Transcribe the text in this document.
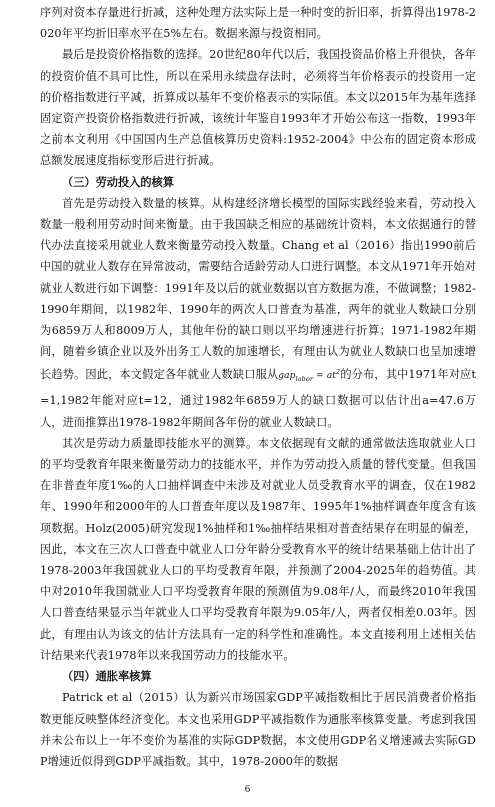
序列对资本存量进行折减，这种处理方法实际上是一种时变的折旧率，折算得出1978-2020年平均折旧率水平在5%左右。数据来源与投资相同。

最后是投资价格指数的选择。20世纪80年代以后，我国投资品价格上升很快，各年的投资价值不具可比性，所以在采用永续盘存法时，必须将当年价格表示的投资用一定的价格指数进行平减，折算成以基年不变价格表示的实际值。本文以2015年为基年选择固定资产投资价格指数进行折减，该统计年鉴自1993年才开始公布这一指数，1993年之前本文利用《中国国内生产总值核算历史资料:1952-2004》中公布的固定资本形成总额发展速度指标变形后进行折减。

（三）劳动投入的核算

首先是劳动投入数量的核算。从构建经济增长模型的国际实践经验来看，劳动投入数量一般利用劳动时间来衡量。由于我国缺乏相应的基础统计资料，本文依据通行的替代办法直接采用就业人数来衡量劳动投入数量。Chang et al（2016）指出1990前后中国的就业人数存在异常波动，需要结合适龄劳动人口进行调整。本文从1971年开始对就业人数进行如下调整：1991年及以后的就业数据以官方数据为准，不做调整；1982-1990年期间，以1982年、1990年的两次人口普查为基准，两年的就业人数缺口分别为6859万人和8009万人，其他年份的缺口则以平均增速进行折算；1971-1982年期间，随着乡镇企业以及外出务工人数的加速增长，有理由认为就业人数缺口也呈加速增长趋势。因此，本文假定各年就业人数缺口服从$gap_{labor} = at^2$的分布，其中1971年对应t=1,1982年能对应t=12，通过1982年6859万人的缺口数据可以估计出a=47.6万人，进而推算出1978-1982年期间各年份的就业人数缺口。

其次是劳动力质量即技能水平的测算。本文依据现有文献的通常做法选取就业人口的平均受教育年限来衡量劳动力的技能水平，并作为劳动投入质量的替代变量。但我国在非普查年度1‰的人口抽样调查中未涉及对就业人员受教育水平的调查，仅在1982年、1990年和2000年的人口普查年度以及1987年、1995年1%抽样调查年度含有该项数据。Holz(2005)研究发现1%抽样和1‰抽样结果相对普查结果存在明显的偏差，因此，本文在三次人口普查中就业人口分年龄分受教育水平的统计结果基础上估计出了1978-2003年我国就业人口的平均受教育年限，并预测了2004-2025年的趋势值。其中对2010年我国就业人口平均受教育年限的预测值为9.08年/人，而最终2010年我国人口普查结果显示当年就业人口平均受教育年限为9.05年/人，两者仅相差0.03年。因此，有理由认为该文的估计方法具有一定的科学性和准确性。本文直接利用上述相关估计结果来代表1978年以来我国劳动力的技能水平。

（四）通胀率核算

Patrick et al（2015）认为新兴市场国家GDP平减指数相比于居民消费者价格指数更能反映整体经济变化。本文也采用GDP平减指数作为通胀率核算变量。考虑到我国并未公布以上一年不变价为基准的实际GDP数据，本文使用GDP名义增速减去实际GDP增速近似得到GDP平减指数。其中，1978-2000年的数据

6
